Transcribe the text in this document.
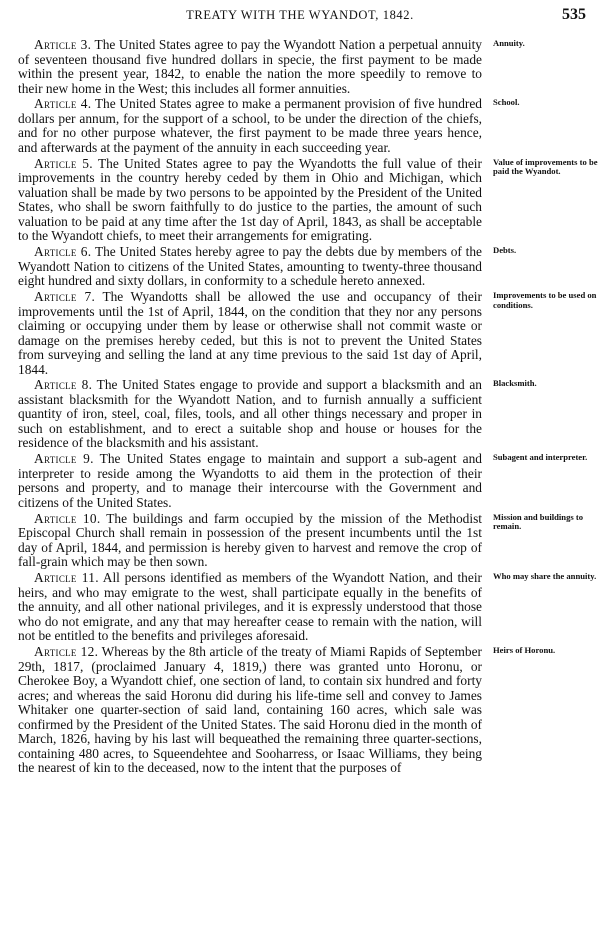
TREATY WITH THE WYANDOT, 1842.	535

Article 3. The United States agree to pay the Wyandott Nation a perpetual annuity of seventeen thousand five hundred dollars in specie, the first payment to be made within the present year, 1842, to enable the nation the more speedily to remove to their new home in the West; this includes all former annuities.

Annuity.

Article 4. The United States agree to make a permanent provision of five hundred dollars per annum, for the support of a school, to be under the direction of the chiefs, and for no other purpose whatever, the first payment to be made three years hence, and afterwards at the payment of the annuity in each succeeding year.

School.

Article 5. The United States agree to pay the Wyandotts the full value of their improvements in the country hereby ceded by them in Ohio and Michigan, which valuation shall be made by two persons to be appointed by the President of the United States, who shall be sworn faithfully to do justice to the parties, the amount of such valuation to be paid at any time after the 1st day of April, 1843, as shall be acceptable to the Wyandott chiefs, to meet their arrangements for emigrating.

Value of improvements to be paid the Wyandot.

Article 6. The United States hereby agree to pay the debts due by members of the Wyandott Nation to citizens of the United States, amounting to twenty-three thousand eight hundred and sixty dollars, in conformity to a schedule hereto annexed.

Debts.

Article 7. The Wyandotts shall be allowed the use and occupancy of their improvements until the 1st of April, 1844, on the condition that they nor any persons claiming or occupying under them by lease or otherwise shall not commit waste or damage on the premises hereby ceded, but this is not to prevent the United States from surveying and selling the land at any time previous to the said 1st day of April, 1844.

Improvements to be used on conditions.

Article 8. The United States engage to provide and support a blacksmith and an assistant blacksmith for the Wyandott Nation, and to furnish annually a sufficient quantity of iron, steel, coal, files, tools, and all other things necessary and proper in such on establishment, and to erect a suitable shop and house or houses for the residence of the blacksmith and his assistant.

Blacksmith.

Article 9. The United States engage to maintain and support a sub-agent and interpreter to reside among the Wyandotts to aid them in the protection of their persons and property, and to manage their intercourse with the Government and citizens of the United States.

Subagent and interpreter.

Article 10. The buildings and farm occupied by the mission of the Methodist Episcopal Church shall remain in possession of the present incumbents until the 1st day of April, 1844, and permission is hereby given to harvest and remove the crop of fall-grain which may be then sown.

Mission and buildings to remain.

Article 11. All persons identified as members of the Wyandott Nation, and their heirs, and who may emigrate to the west, shall participate equally in the benefits of the annuity, and all other national privileges, and it is expressly understood that those who do not emigrate, and any that may hereafter cease to remain with the nation, will not be entitled to the benefits and privileges aforesaid.

Who may share the annuity.

Article 12. Whereas by the 8th article of the treaty of Miami Rapids of September 29th, 1817, (proclaimed January 4, 1819,) there was granted unto Horonu, or Cherokee Boy, a Wyandott chief, one section of land, to contain six hundred and forty acres; and whereas the said Horonu did during his life-time sell and convey to James Whitaker one quarter-section of said land, containing 160 acres, which sale was confirmed by the President of the United States. The said Horonu died in the month of March, 1826, having by his last will bequeathed the remaining three quarter-sections, containing 480 acres, to Squeendehtee and Sooharress, or Isaac Williams, they being the nearest of kin to the deceased, now to the intent that the purposes of

Heirs of Horonu.
